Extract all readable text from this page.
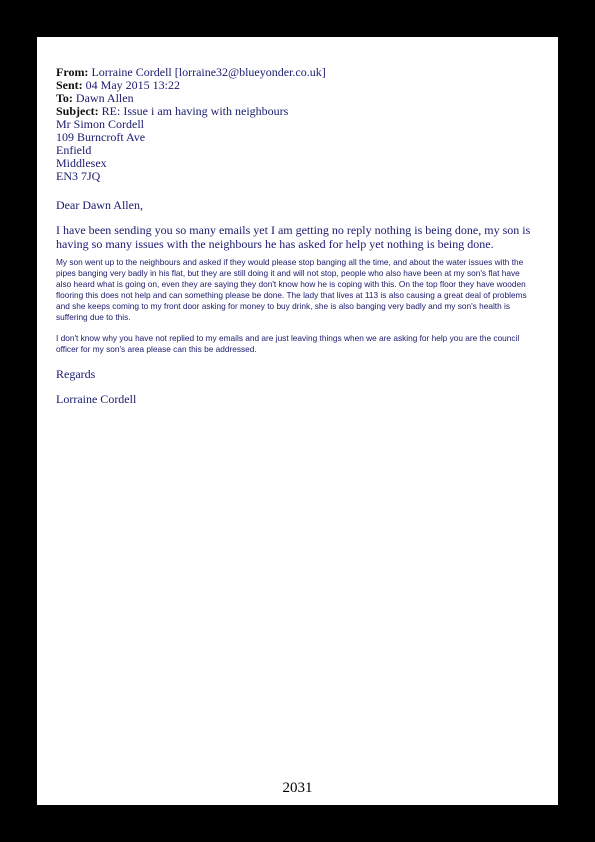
From: Lorraine Cordell [lorraine32@blueyonder.co.uk]
Sent: 04 May 2015 13:22
To: Dawn Allen
Subject: RE: Issue i am having with neighbours
Mr Simon Cordell
109 Burncroft Ave
Enfield
Middlesex
EN3 7JQ
Dear Dawn Allen,
I have been sending you so many emails yet I am getting no reply nothing is being done, my son is having so many issues with the neighbours he has asked for help yet nothing is being done.
My son went up to the neighbours and asked if they would please stop banging all the time, and about the water issues with the pipes banging very badly in his flat, but they are still doing it and will not stop, people who also have been at my son's flat have also heard what is going on, even they are saying they don't know how he is coping with this. On the top floor they have wooden flooring this does not help and can something please be done. The lady that lives at 113 is also causing a great deal of problems and she keeps coming to my front door asking for money to buy drink, she is also banging very badly and my son's health is suffering due to this.
I don't know why you have not replied to my emails and are just leaving things when we are asking for help you are the council officer for my son's area please can this be addressed.
Regards
Lorraine Cordell
2031
